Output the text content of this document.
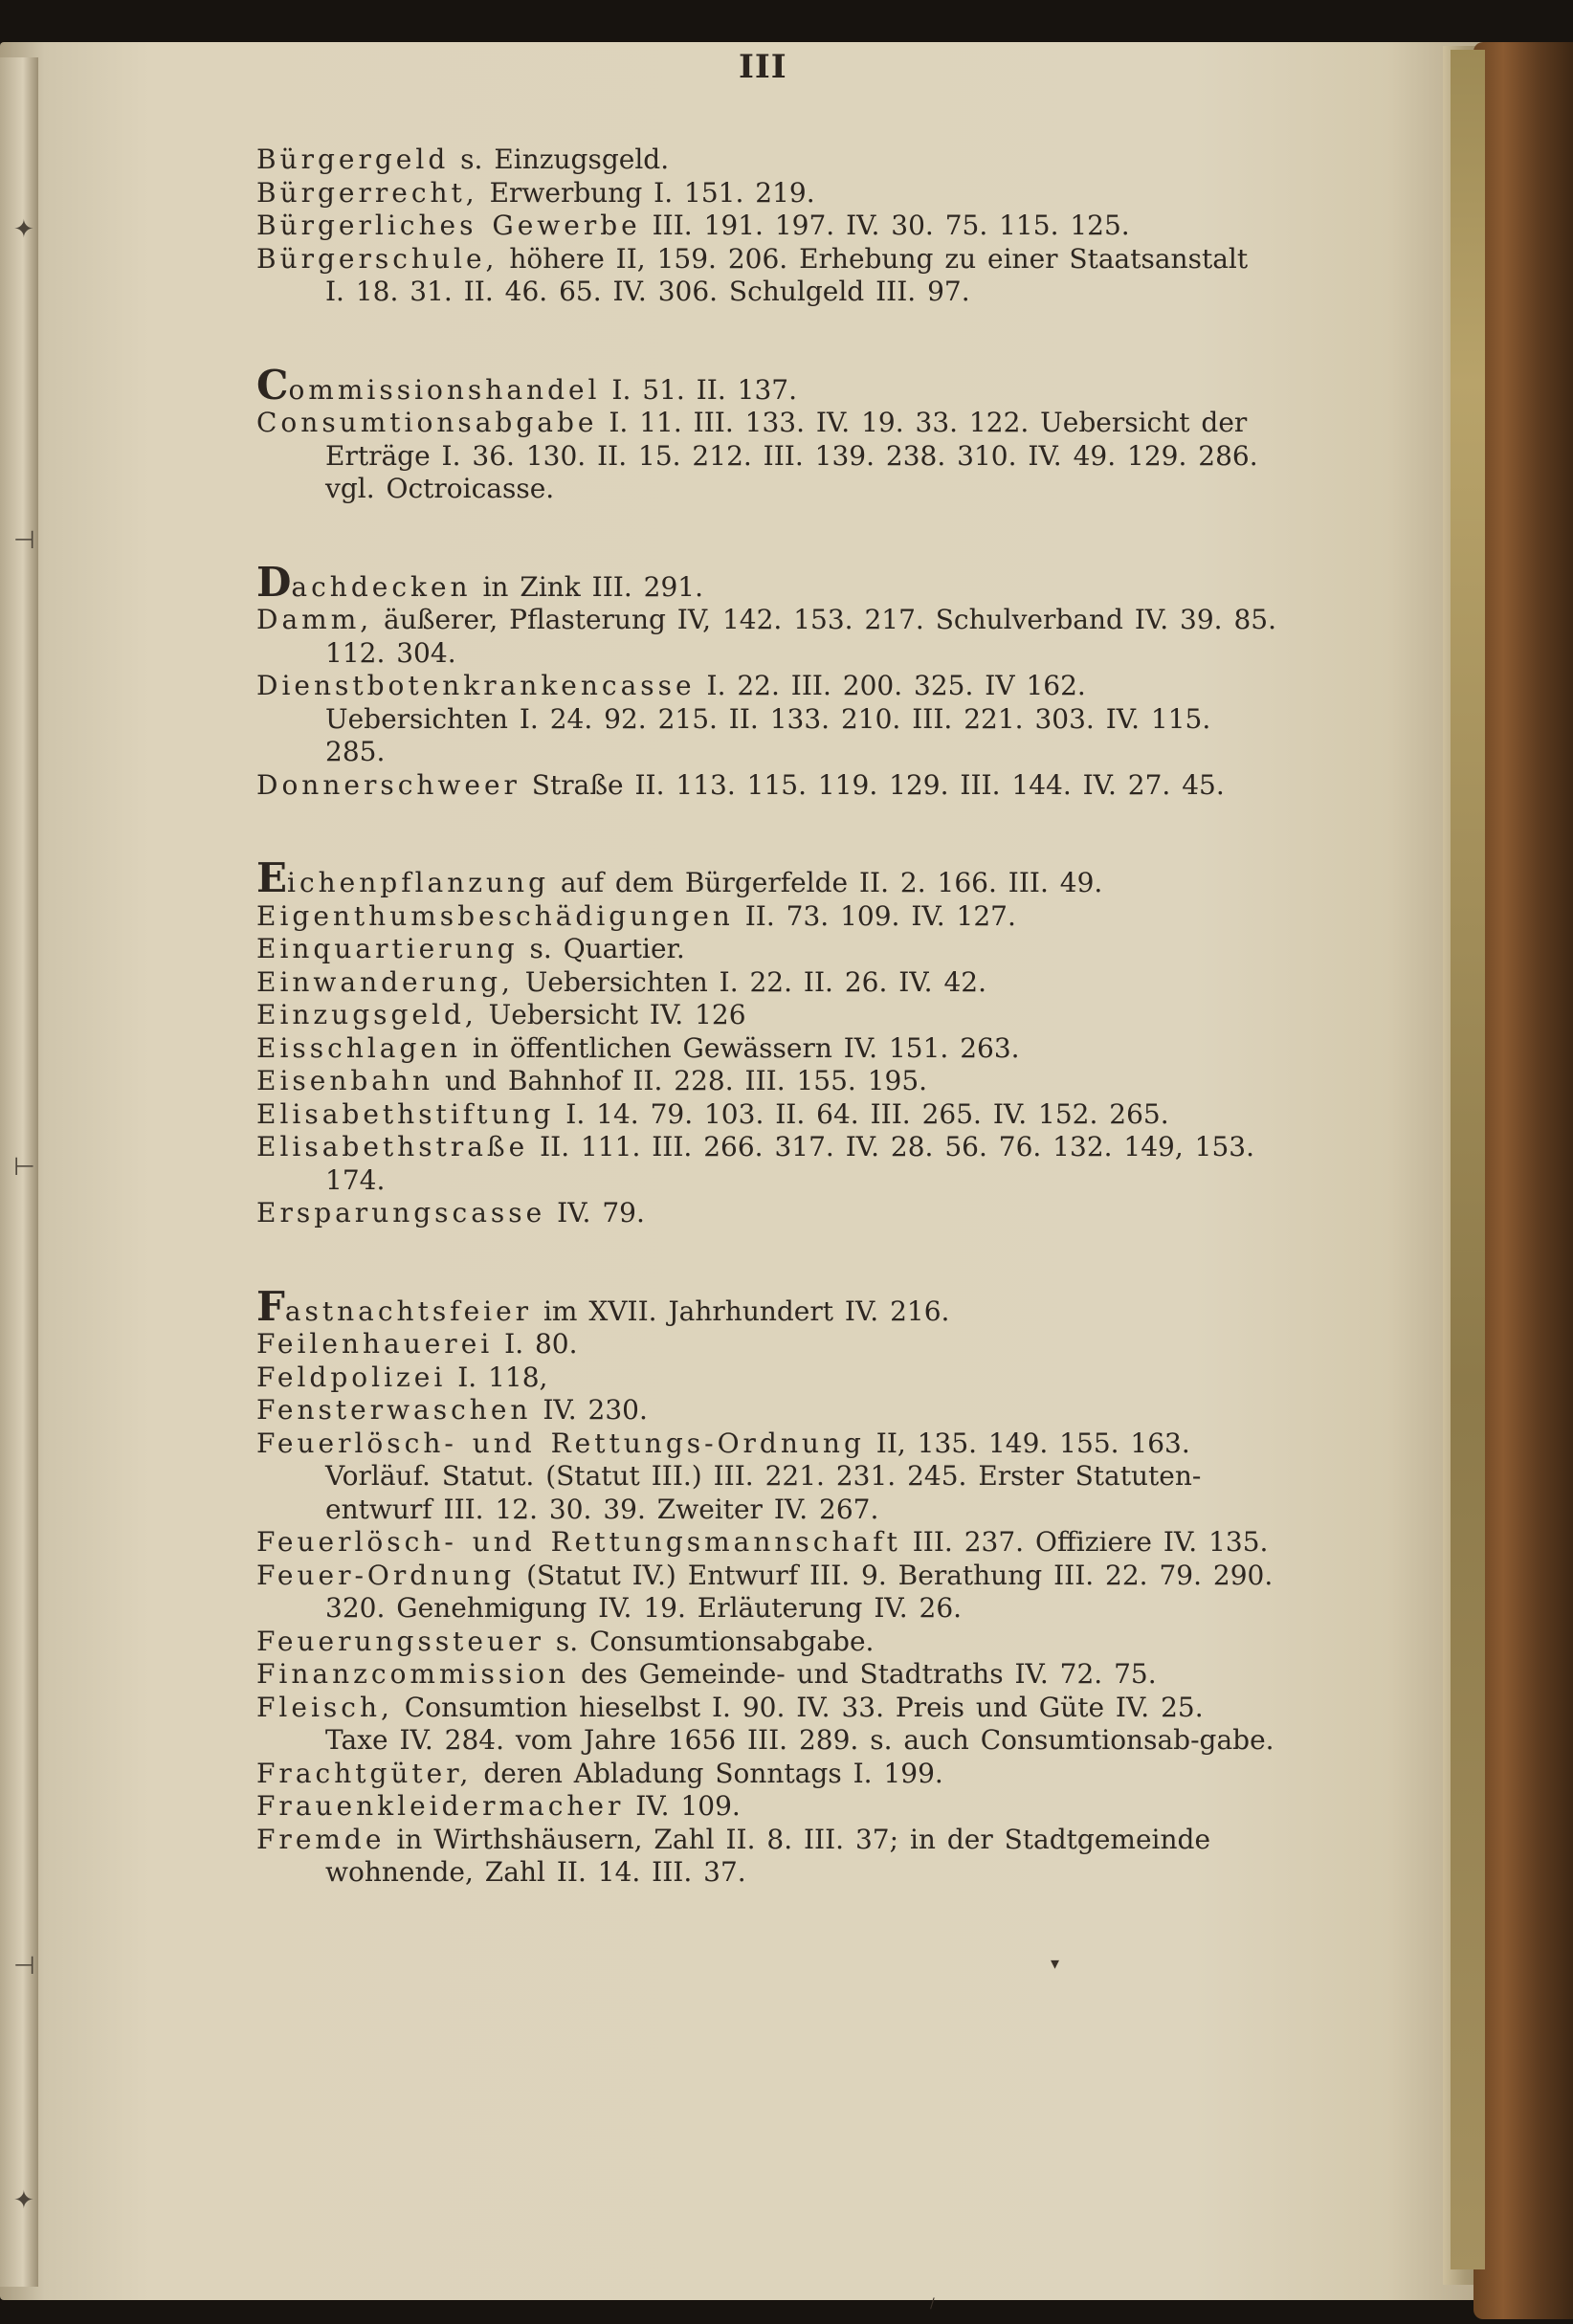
✦
⊣
⊢
⊣
✦

III

Bürgergeld s. Einzugsgeld.

Bürgerrecht, Erwerbung I. 151. 219.

Bürgerliches Gewerbe III. 191. 197. IV. 30. 75. 115. 125.

Bürgerschule, höhere II, 159. 206. Erhebung zu einer Staatsanstalt I. 18. 31. II. 46. 65. IV. 306. Schulgeld III. 97.

Commissionshandel I. 51. II. 137.

Consumtionsabgabe I. 11. III. 133. IV. 19. 33. 122. Uebersicht der Erträge I. 36. 130. II. 15. 212. III. 139. 238. 310. IV. 49. 129. 286. vgl. Octroicasse.

Dachdecken in Zink III. 291.

Damm, äußerer, Pflasterung IV, 142. 153. 217. Schulverband IV. 39. 85. 112. 304.

Dienstbotenkrankencasse I. 22. III. 200. 325. IV 162. Uebersichten I. 24. 92. 215. II. 133. 210. III. 221. 303. IV. 115. 285.

Donnerschweer Straße II. 113. 115. 119. 129. III. 144. IV. 27. 45.

Eichenpflanzung auf dem Bürgerfelde II. 2. 166. III. 49.

Eigenthumsbeschädigungen II. 73. 109. IV. 127.

Einquartierung s. Quartier.

Einwanderung, Uebersichten I. 22. II. 26. IV. 42.

Einzugsgeld, Uebersicht IV. 126

Eisschlagen in öffentlichen Gewässern IV. 151. 263.

Eisenbahn und Bahnhof II. 228. III. 155. 195.

Elisabethstiftung I. 14. 79. 103. II. 64. III. 265. IV. 152. 265.

Elisabethstraße II. 111. III. 266. 317. IV. 28. 56. 76. 132. 149, 153. 174.

Ersparungscasse IV. 79.

Fastnachtsfeier im XVII. Jahrhundert IV. 216.

Feilenhauerei I. 80.

Feldpolizei I. 118,

Fensterwaschen IV. 230.

Feuerlösch- und Rettungs-Ordnung II, 135. 149. 155. 163. Vorläuf. Statut. (Statut III.) III. 221. 231. 245. Erster Statuten-entwurf III. 12. 30. 39. Zweiter IV. 267.

Feuerlösch- und Rettungsmannschaft III. 237. Offiziere IV. 135.

Feuer-Ordnung (Statut IV.) Entwurf III. 9. Berathung III. 22. 79. 290. 320. Genehmigung IV. 19. Erläuterung IV. 26.

Feuerungssteuer s. Consumtionsabgabe.

Finanzcommission des Gemeinde- und Stadtraths IV. 72. 75.

Fleisch, Consumtion hieselbst I. 90. IV. 33. Preis und Güte IV. 25. Taxe IV. 284. vom Jahre 1656 III. 289. s. auch Consumtionsab-gabe.

Frachtgüter, deren Abladung Sonntags I. 199.

Frauenkleidermacher IV. 109.

Fremde in Wirthshäusern, Zahl II. 8. III. 37; in der Stadtgemeinde wohnende, Zahl II. 14. III. 37.

▾
/
